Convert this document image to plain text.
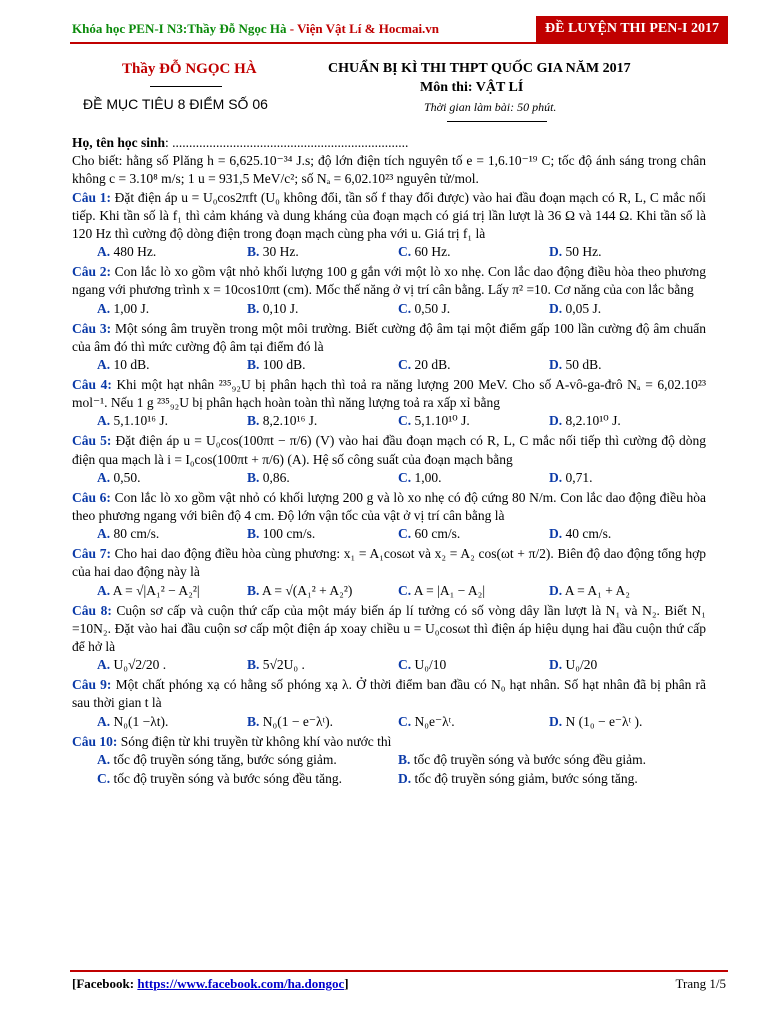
Khóa học PEN-I N3:Thầy Đỗ Ngọc Hà - Viện Vật Lí & Hocmai.vn	ĐỀ LUYỆN THI PEN-I 2017
Thầy ĐỖ NGỌC HÀ
ĐỀ MỤC TIÊU 8 ĐIỂM SỐ 06
CHUẨN BỊ KÌ THI THPT QUỐC GIA NĂM 2017
Môn thi: VẬT LÍ
Thời gian làm bài: 50 phút.
Họ, tên học sinh: ......................................................................
Cho biết: hằng số Plăng h = 6,625.10⁻³⁴ J.s; độ lớn điện tích nguyên tố e = 1,6.10⁻¹⁹ C; tốc độ ánh sáng trong chân không c = 3.10⁸ m/s; 1 u = 931,5 MeV/c²; số Nₐ = 6,02.10²³ nguyên tử/mol.
Câu 1: Đặt điện áp u = U₀cos2πft (U₀ không đổi, tần số f thay đổi được) vào hai đầu đoạn mạch có R, L, C mắc nối tiếp. Khi tần số là f₁ thì cảm kháng và dung kháng của đoạn mạch có giá trị lần lượt là 36 Ω và 144 Ω. Khi tần số là 120 Hz thì cường độ dòng điện trong đoạn mạch cùng pha với u. Giá trị f₁ là
A. 480 Hz.	B. 30 Hz.	C. 60 Hz.	D. 50 Hz.
Câu 2: Con lắc lò xo gồm vật nhỏ khối lượng 100 g gắn với một lò xo nhẹ. Con lắc dao động điều hòa theo phương ngang với phương trình x = 10cos10πt (cm). Mốc thế năng ở vị trí cân bằng. Lấy π² =10. Cơ năng của con lắc bằng
A. 1,00 J.	B. 0,10 J.	C. 0,50 J.	D. 0,05 J.
Câu 3: Một sóng âm truyền trong một môi trường. Biết cường độ âm tại một điểm gấp 100 lần cường độ âm chuẩn của âm đó thì mức cường độ âm tại điểm đó là
A. 10 dB.	B. 100 dB.	C. 20 dB.	D. 50 dB.
Câu 4: Khi một hạt nhân ²³⁵₉₂U bị phân hạch thì toả ra năng lượng 200 MeV. Cho số A-vô-ga-đrô Nₐ = 6,02.10²³ mol⁻¹. Nếu 1 g ²³⁵₉₂U bị phân hạch hoàn toàn thì năng lượng toả ra xấp xỉ bằng
A. 5,1.10¹⁶ J.	B. 8,2.10¹⁶ J.	C. 5,1.10¹⁰ J.	D. 8,2.10¹⁰ J.
Câu 5: Đặt điện áp u = U₀cos(100πt − π/6) (V) vào hai đầu đoạn mạch có R, L, C mắc nối tiếp thì cường độ dòng điện qua mạch là i = I₀cos(100πt + π/6) (A). Hệ số công suất của đoạn mạch bằng
A. 0,50.	B. 0,86.	C. 1,00.	D. 0,71.
Câu 6: Con lắc lò xo gồm vật nhỏ có khối lượng 200 g và lò xo nhẹ có độ cứng 80 N/m. Con lắc dao động điều hòa theo phương ngang với biên độ 4 cm. Độ lớn vận tốc của vật ở vị trí cân bằng là
A. 80 cm/s.	B. 100 cm/s.	C. 60 cm/s.	D. 40 cm/s.
Câu 7: Cho hai dao động điều hòa cùng phương: x₁ = A₁cosωt và x₂ = A₂ cos(ωt + π/2). Biên độ dao động tổng hợp của hai dao động này là
A. A = √|A₁² − A₂²|	B. A = √(A₁² + A₂²)	C. A = |A₁ − A₂|	D. A = A₁ + A₂
Câu 8: Cuộn sơ cấp và cuộn thứ cấp của một máy biến áp lí tưởng có số vòng dây lần lượt là N₁ và N₂. Biết N₁ =10N₂. Đặt vào hai đầu cuộn sơ cấp một điện áp xoay chiều u = U₀cosωt thì điện áp hiệu dụng hai đầu cuộn thứ cấp để hở là
A. U₀√2/20 .	B. 5√2U₀ .	C. U₀/10	D. U₀/20
Câu 9: Một chất phóng xạ có hằng số phóng xạ λ. Ở thời điểm ban đầu có N₀ hạt nhân. Số hạt nhân đã bị phân rã sau thời gian t là
A. N₀(1 −λt).	B. N₀(1 − e⁻λᵗ).	C. N₀e⁻λᵗ.	D. N (1₀ − e⁻λᵗ ).
Câu 10: Sóng điện từ khi truyền từ không khí vào nước thì
A. tốc độ truyền sóng tăng, bước sóng giảm.	B. tốc độ truyền sóng và bước sóng đều giảm.
C. tốc độ truyền sóng và bước sóng đều tăng.	D. tốc độ truyền sóng giảm, bước sóng tăng.
[Facebook: https://www.facebook.com/ha.dongoc]	Trang 1/5
